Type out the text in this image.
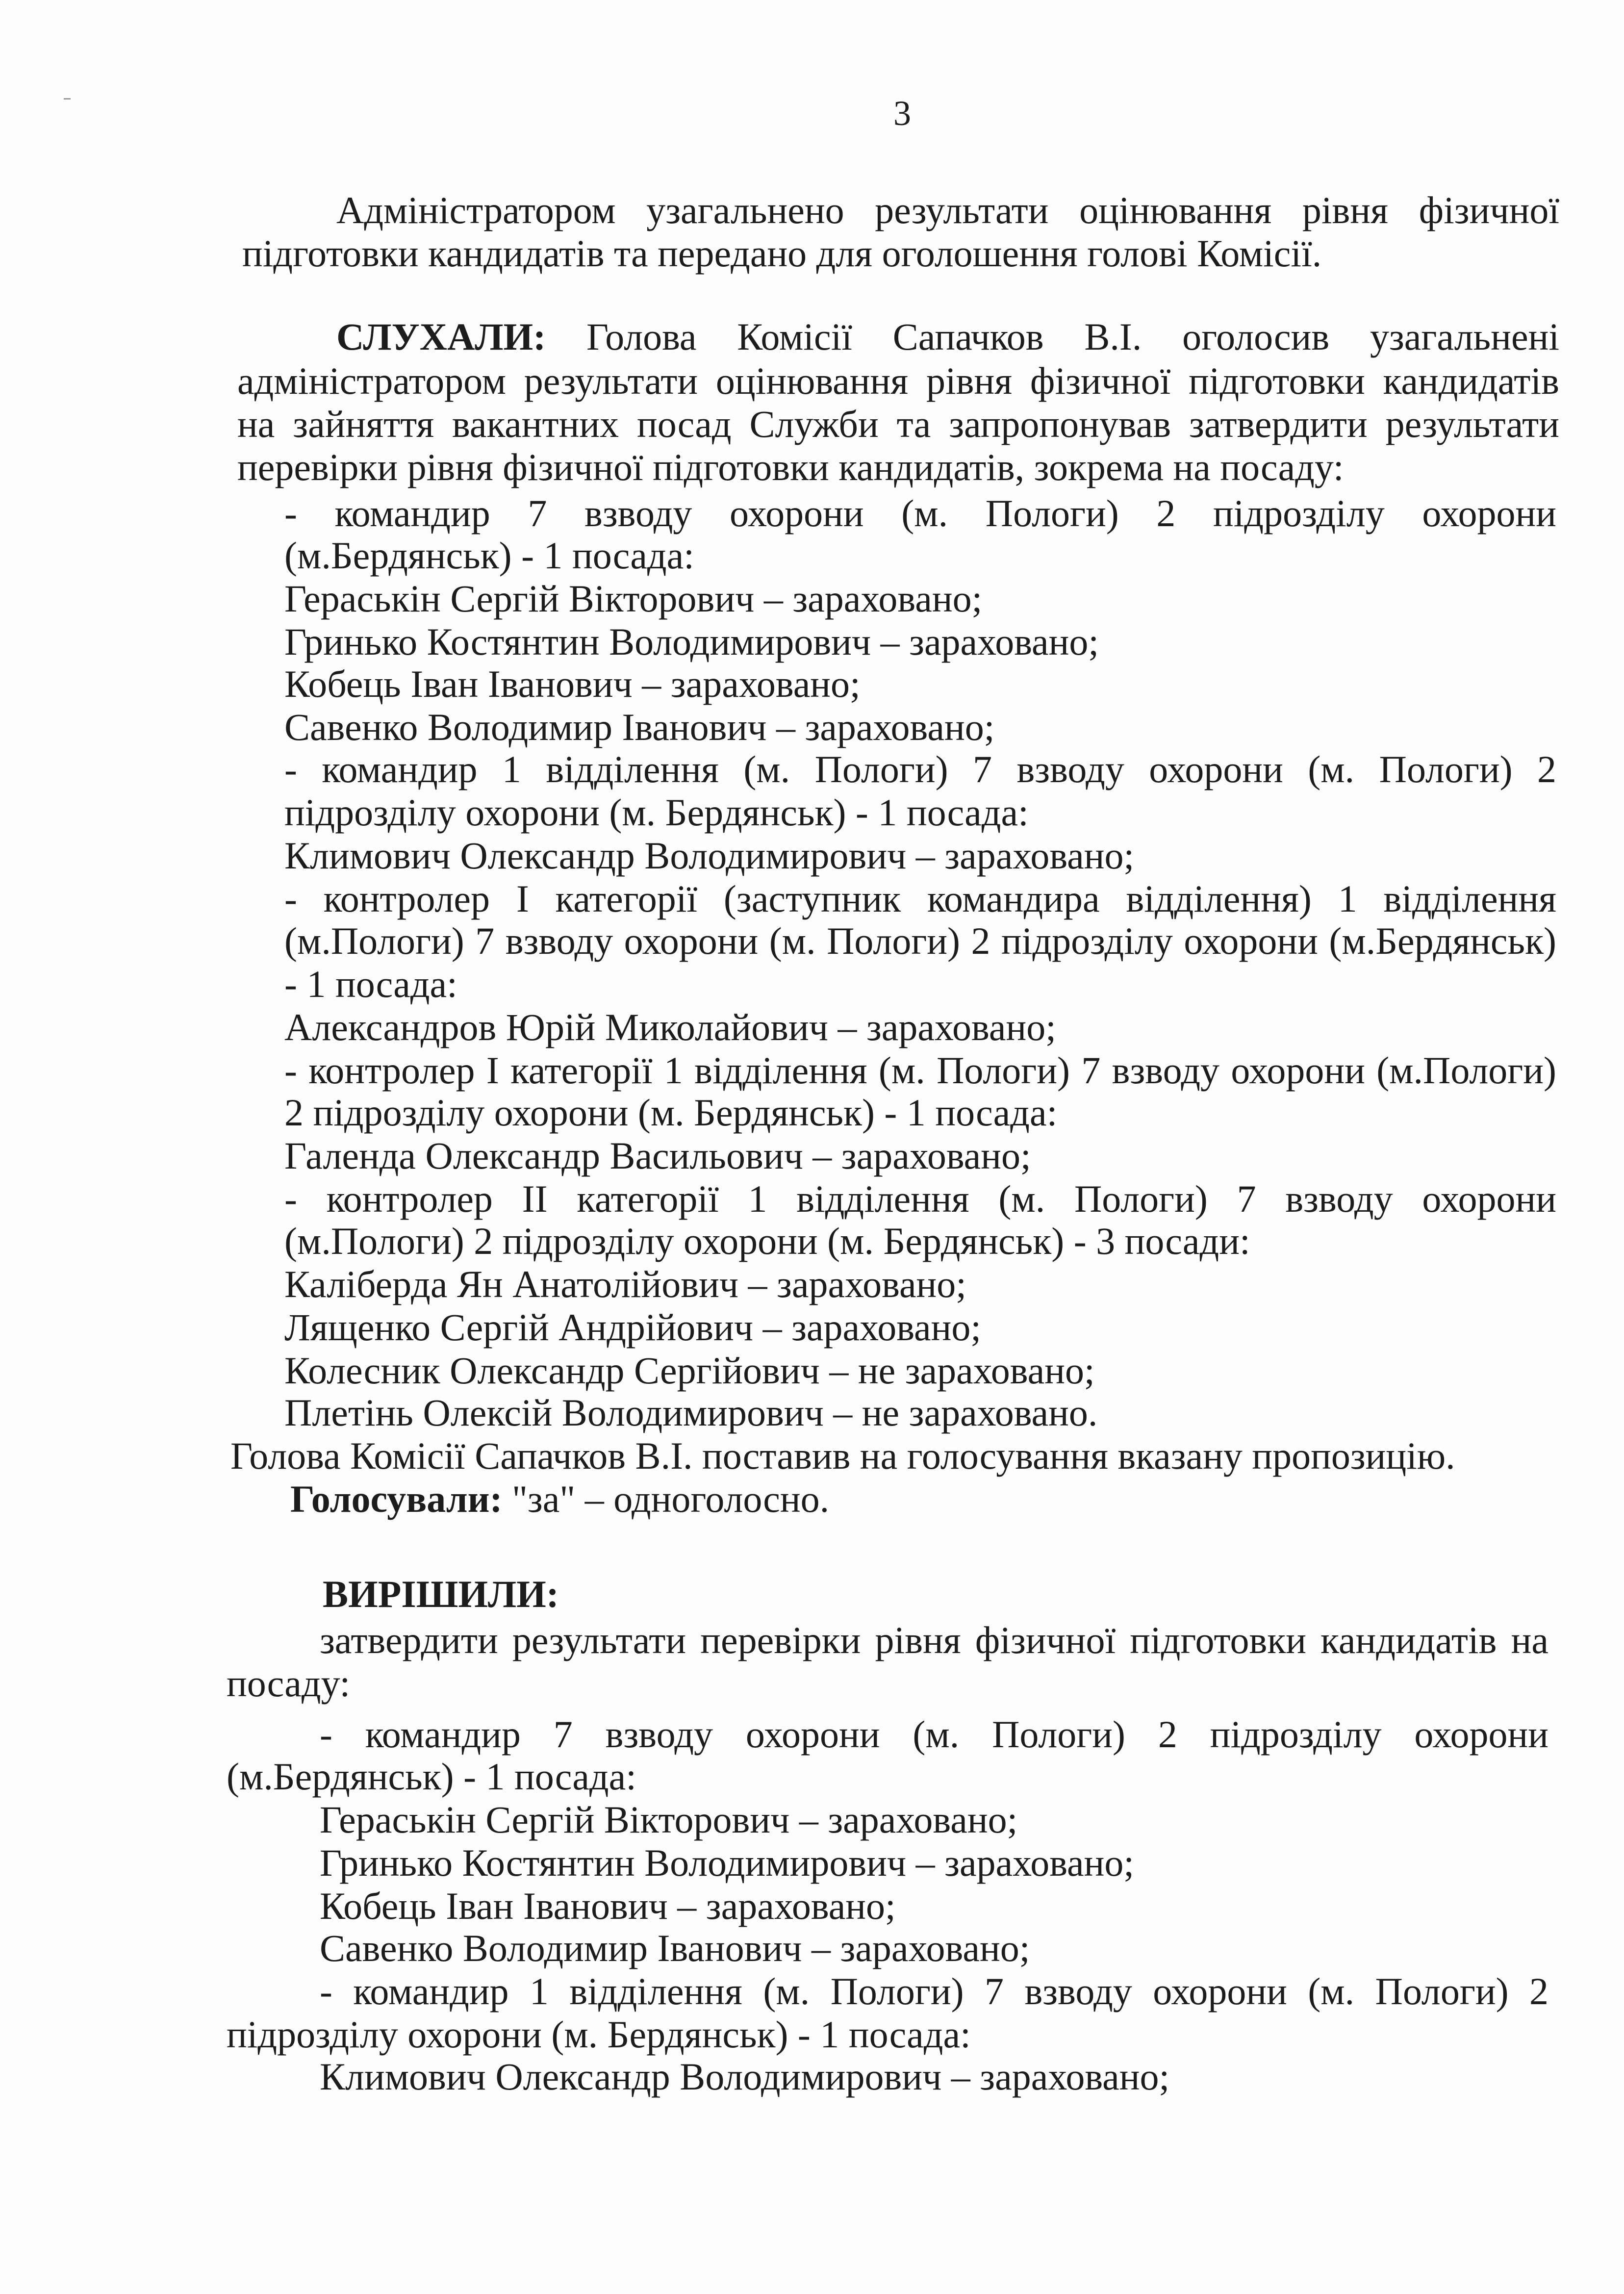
3
Адміністратором узагальнено результати оцінювання рівня фізичної
підготовки кандидатів та передано для оголошення голові Комісії.
СЛУХАЛИ: Голова Комісії Сапачков В.І. оголосив узагальнені
адміністратором результати оцінювання рівня фізичної підготовки кандидатів
на зайняття вакантних посад Служби та запропонував затвердити результати
перевірки рівня фізичної підготовки кандидатів, зокрема на посаду:
- командир 7 взводу охорони (м. Пологи) 2 підрозділу охорони
(м.Бердянськ) - 1 посада:
Гераськін Сергій Вікторович – зараховано;
Гринько Костянтин Володимирович – зараховано;
Кобець Іван Іванович – зараховано;
Савенко Володимир Іванович – зараховано;
- командир 1 відділення (м. Пологи) 7 взводу охорони (м. Пологи) 2
підрозділу охорони (м. Бердянськ) - 1 посада:
Климович Олександр Володимирович – зараховано;
- контролер І категорії (заступник командира відділення) 1 відділення
(м.Пологи) 7 взводу охорони (м. Пологи) 2 підрозділу охорони (м.Бердянськ)
- 1 посада:
Александров Юрій Миколайович – зараховано;
- контролер І категорії 1 відділення (м. Пологи) 7 взводу охорони (м.Пологи)
2 підрозділу охорони (м. Бердянськ) - 1 посада:
Галенда Олександр Васильович – зараховано;
- контролер ІІ категорії 1 відділення (м. Пологи) 7 взводу охорони
(м.Пологи) 2 підрозділу охорони (м. Бердянськ) - 3 посади:
Каліберда Ян Анатолійович – зараховано;
Лященко Сергій Андрійович – зараховано;
Колесник Олександр Сергійович – не зараховано;
Плетінь Олексій Володимирович – не зараховано.
Голова Комісії Сапачков В.І. поставив на голосування вказану пропозицію.
Голосували: "за" – одноголосно.
ВИРІШИЛИ:
затвердити результати перевірки рівня фізичної підготовки кандидатів на
посаду:
- командир 7 взводу охорони (м. Пологи) 2 підрозділу охорони
(м.Бердянськ) - 1 посада:
Гераськін Сергій Вікторович – зараховано;
Гринько Костянтин Володимирович – зараховано;
Кобець Іван Іванович – зараховано;
Савенко Володимир Іванович – зараховано;
- командир 1 відділення (м. Пологи) 7 взводу охорони (м. Пологи) 2
підрозділу охорони (м. Бердянськ) - 1 посада:
Климович Олександр Володимирович – зараховано;
